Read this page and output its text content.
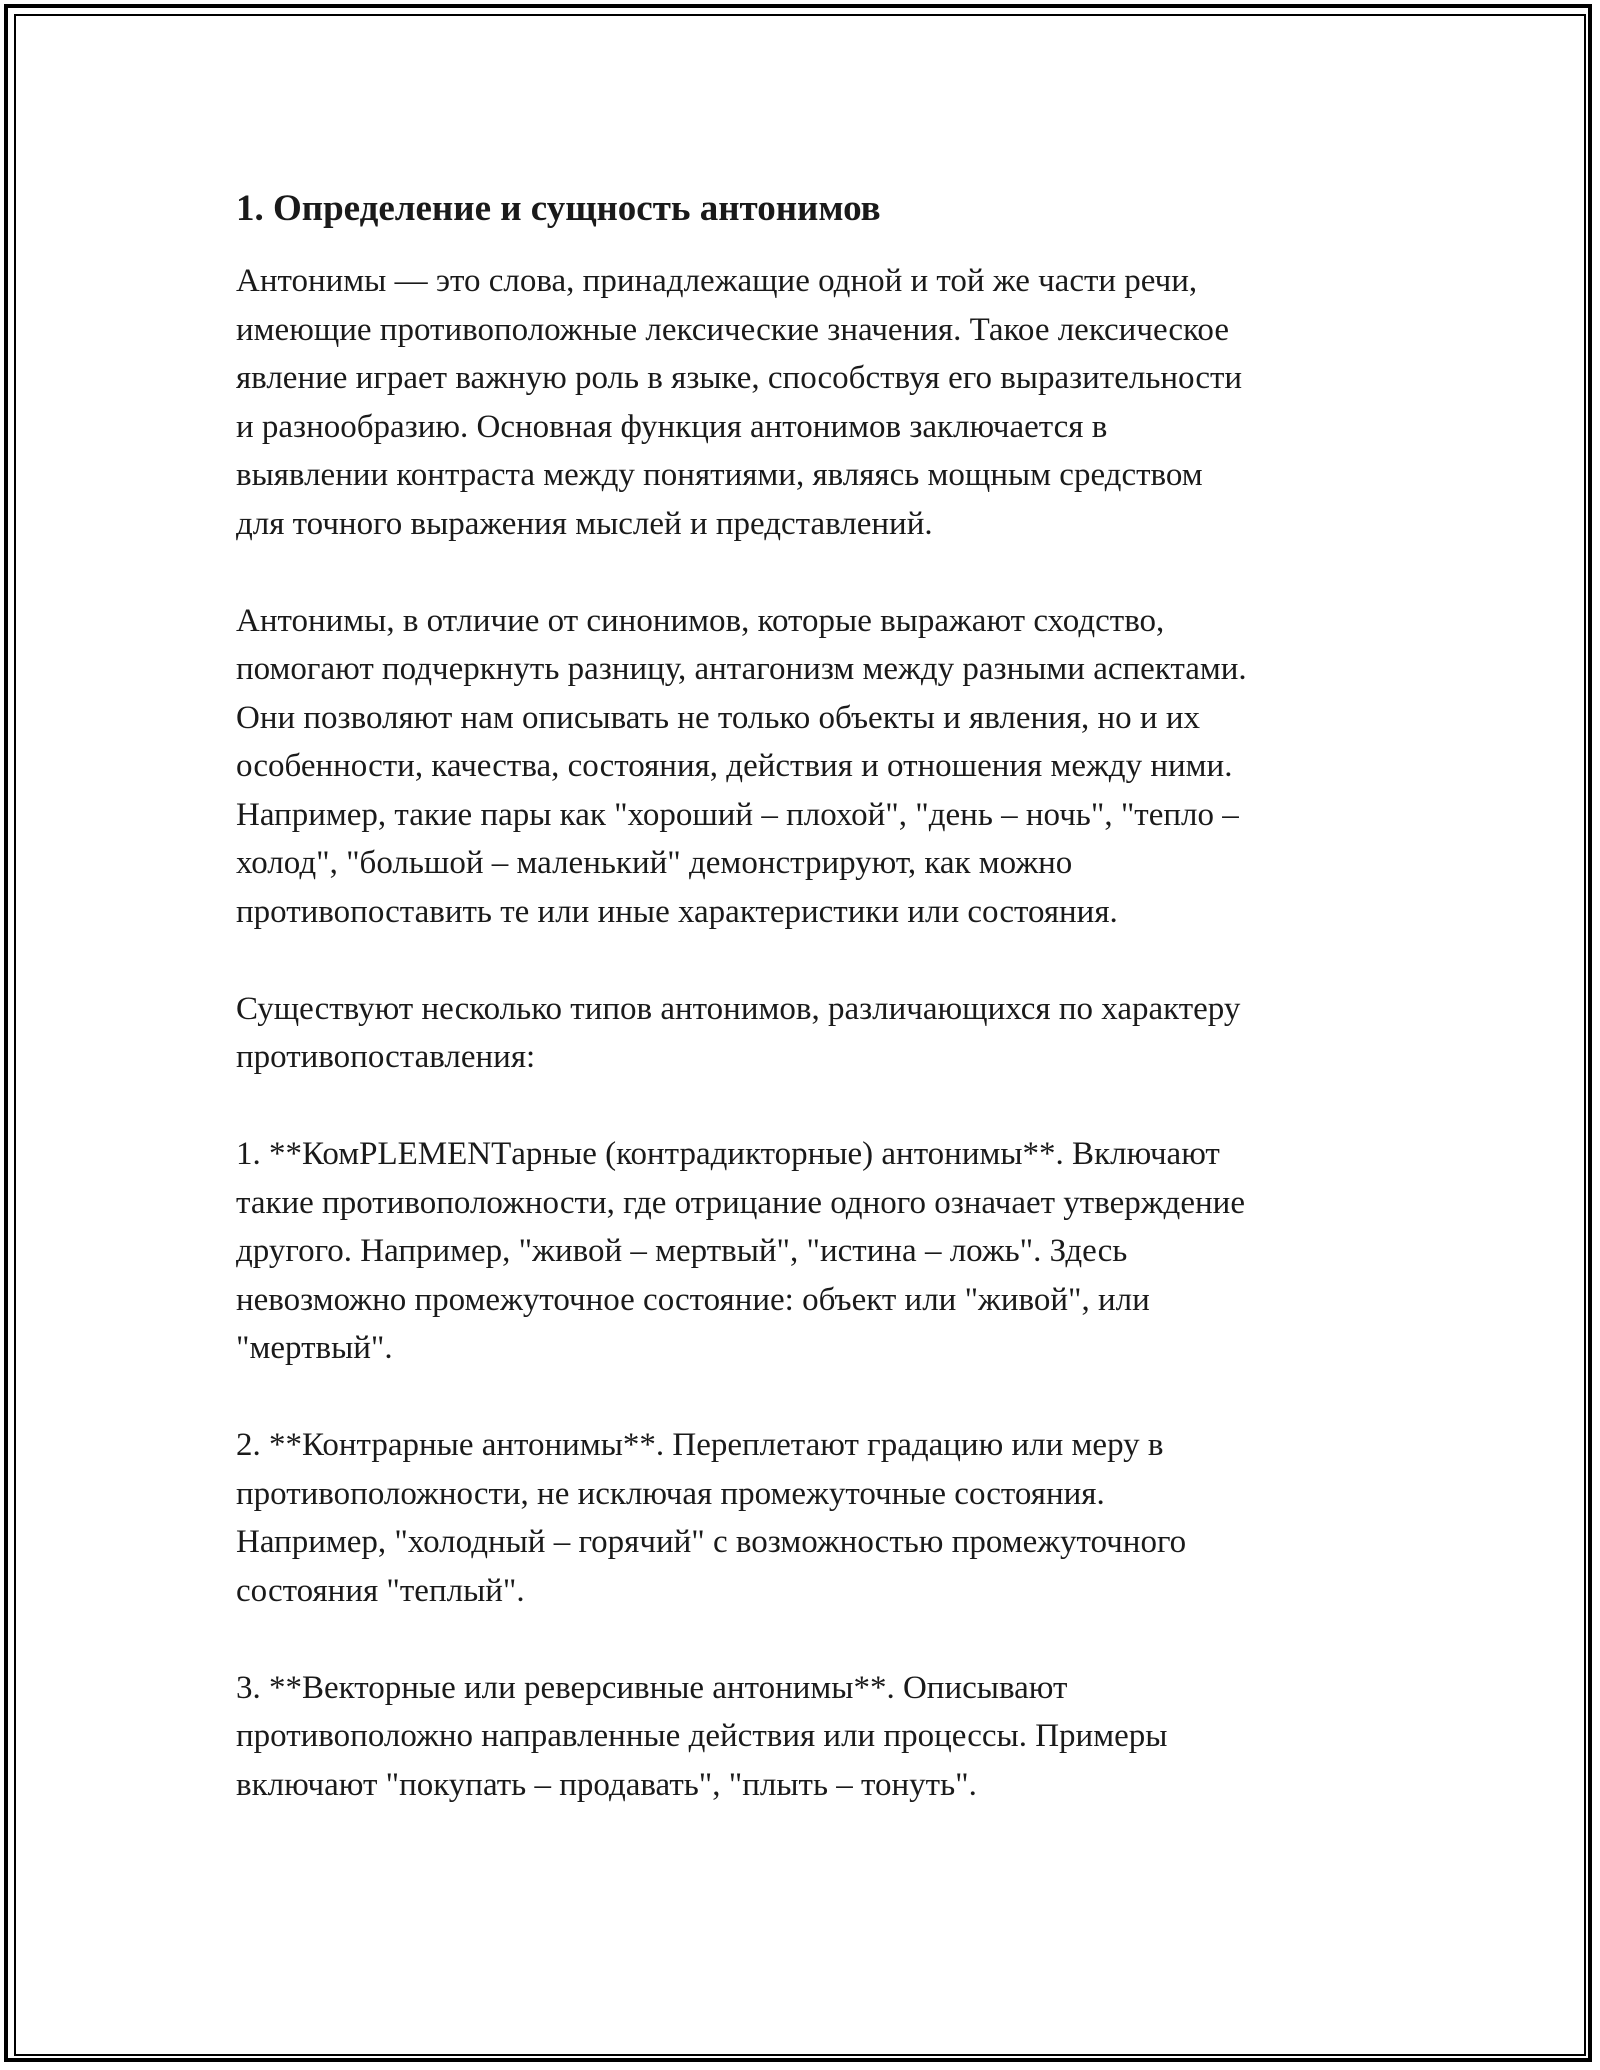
1. Определение и сущность антонимов

Антонимы — это слова, принадлежащие одной и той же части речи,
имеющие противоположные лексические значения. Такое лексическое
явление играет важную роль в языке, способствуя его выразительности
и разнообразию. Основная функция антонимов заключается в
выявлении контраста между понятиями, являясь мощным средством
для точного выражения мыслей и представлений.

Антонимы, в отличие от синонимов, которые выражают сходство,
помогают подчеркнуть разницу, антагонизм между разными аспектами.
Они позволяют нам описывать не только объекты и явления, но и их
особенности, качества, состояния, действия и отношения между ними.
Например, такие пары как "хороший – плохой", "день – ночь", "тепло –
холод", "большой – маленький" демонстрируют, как можно
противопоставить те или иные характеристики или состояния.

Существуют несколько типов антонимов, различающихся по характеру
противопоставления:

1. **КомPLEMENTарные (контрадикторные) антонимы**. Включают
такие противоположности, где отрицание одного означает утверждение
другого. Например, "живой – мертвый", "истина – ложь". Здесь
невозможно промежуточное состояние: объект или "живой", или
"мертвый".

2. **Контрарные антонимы**. Переплетают градацию или меру в
противоположности, не исключая промежуточные состояния.
Например, "холодный – горячий" с возможностью промежуточного
состояния "теплый".

3. **Векторные или реверсивные антонимы**. Описывают
противоположно направленные действия или процессы. Примеры
включают "покупать – продавать", "плыть – тонуть".
